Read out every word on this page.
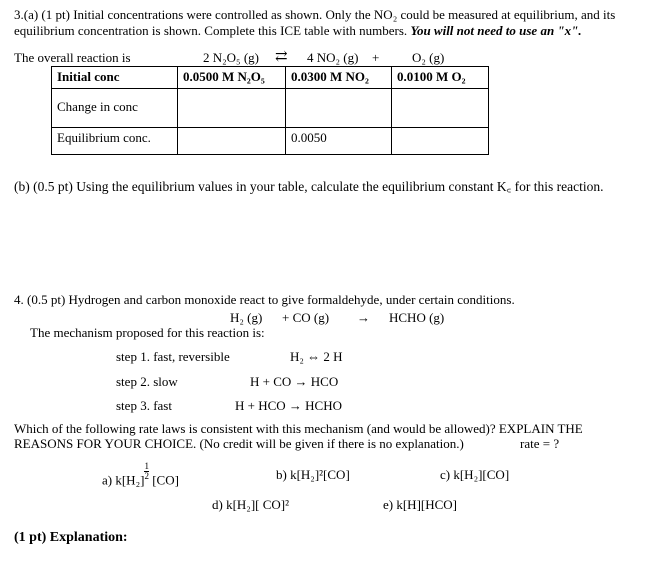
3.(a) (1 pt) Initial concentrations were controlled as shown. Only the NO₂ could be measured at equilibrium, and its
equilibrium concentration is shown. Complete this ICE table with numbers. You will not need to use an "x".
The overall reaction is	2 N₂O₅ (g) ⇄ 4 NO₂ (g) +	O₂ (g)
Initial conc	0.0500 M N₂O₅	0.0300 M NO₂	0.0100 M O₂
Change in conc			
Equilibrium conc.		0.0050	
(b) (0.5 pt) Using the equilibrium values in your table, calculate the equilibrium constant K꜀ for this reaction.
4. (0.5 pt) Hydrogen and carbon monoxide react to give formaldehyde, under certain conditions.
H₂ (g) + CO (g) → HCHO (g)
The mechanism proposed for this reaction is:
step 1. fast, reversible	H₂ ⇔ 2 H
step 2. slow	H + CO → HCO
step 3. fast	H + HCO → HCHO
Which of the following rate laws is consistent with this mechanism (and would be allowed)? EXPLAIN THE
REASONS FOR YOUR CHOICE. (No credit will be given if there is no explanation.)	rate = ?
a) $k[H_2] \frac{1}{2} [CO]$	b) k[H₂]²[CO]	c) k[H₂][CO]
d) k[H₂][ CO]²	e) k[H][HCO]
(1 pt) Explanation:
